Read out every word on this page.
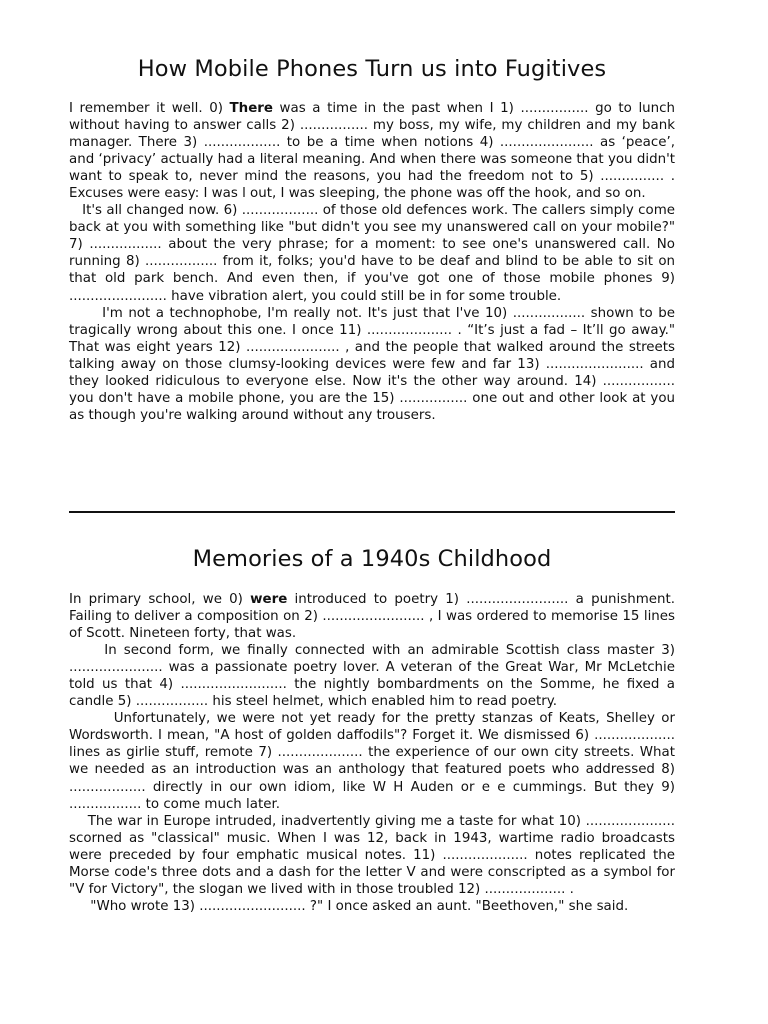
How Mobile Phones Turn us into Fugitives

I remember it well. 0) There was a time in the past when I 1) ................ go to lunch without having to answer calls 2) ................ my boss, my wife, my children and my bank manager. There 3) .................. to be a time when notions 4) ...................... as ‘peace’, and ‘privacy’ actually had a literal meaning. And when there was someone that you didn't want to speak to, never mind the reasons, you had the freedom not to 5) ............... . Excuses were easy: I was l out, I was sleeping, the phone was off the hook, and so on.

It's all changed now. 6) .................. of those old defences work. The callers simply come back at you with something like "but didn't you see my unanswered call on your mobile?" 7) ................. about the very phrase; for a moment: to see one's unanswered call. No running 8) ................. from it, folks; you'd have to be deaf and blind to be able to sit on that old park bench. And even then, if you've got one of those mobile phones 9) ....................... have vibration alert, you could still be in for some trouble.

I'm not a technophobe, I'm really not. It's just that I've 10) ................. shown to be tragically wrong about this one. I once 11) .................... . “It’s just a fad – It’ll go away." That was eight years 12) ...................... , and the people that walked around the streets talking away on those clumsy-looking devices were few and far 13) ....................... and they looked ridiculous to everyone else. Now it's the other way around. 14) ................. you don't have a mobile phone, you are the 15) ................ one out and other look at you as though you're walking around without any trousers.

Memories of a 1940s Childhood

In primary school, we 0) were introduced to poetry 1) ........................ a punishment. Failing to deliver a composition on 2) ........................ , I was ordered to memorise 15 lines of Scott. Nineteen forty, that was.

In second form, we finally connected with an admirable Scottish class master 3) ...................... was a passionate poetry lover. A veteran of the Great War, Mr McLetchie told us that 4) ......................... the nightly bombardments on the Somme, he fixed a candle 5) ................. his steel helmet, which enabled him to read poetry.

Unfortunately, we were not yet ready for the pretty stanzas of Keats, Shelley or Wordsworth. I mean, "A host of golden daffodils"? Forget it. We dismissed 6) ................... lines as girlie stuff, remote 7) .................... the experience of our own city streets. What we needed as an introduction was an anthology that featured poets who addressed 8) .................. directly in our own idiom, like W H Auden or e e cummings. But they 9) ................. to come much later.

The war in Europe intruded, inadvertently giving me a taste for what 10) ..................... scorned as "classical" music. When I was 12, back in 1943, wartime radio broadcasts were preceded by four emphatic musical notes. 11) .................... notes replicated the Morse code's three dots and a dash for the letter V and were conscripted as a symbol for "V for Victory", the slogan we lived with in those troubled 12) ................... .

"Who wrote 13) ......................... ?" I once asked an aunt. "Beethoven," she said.
